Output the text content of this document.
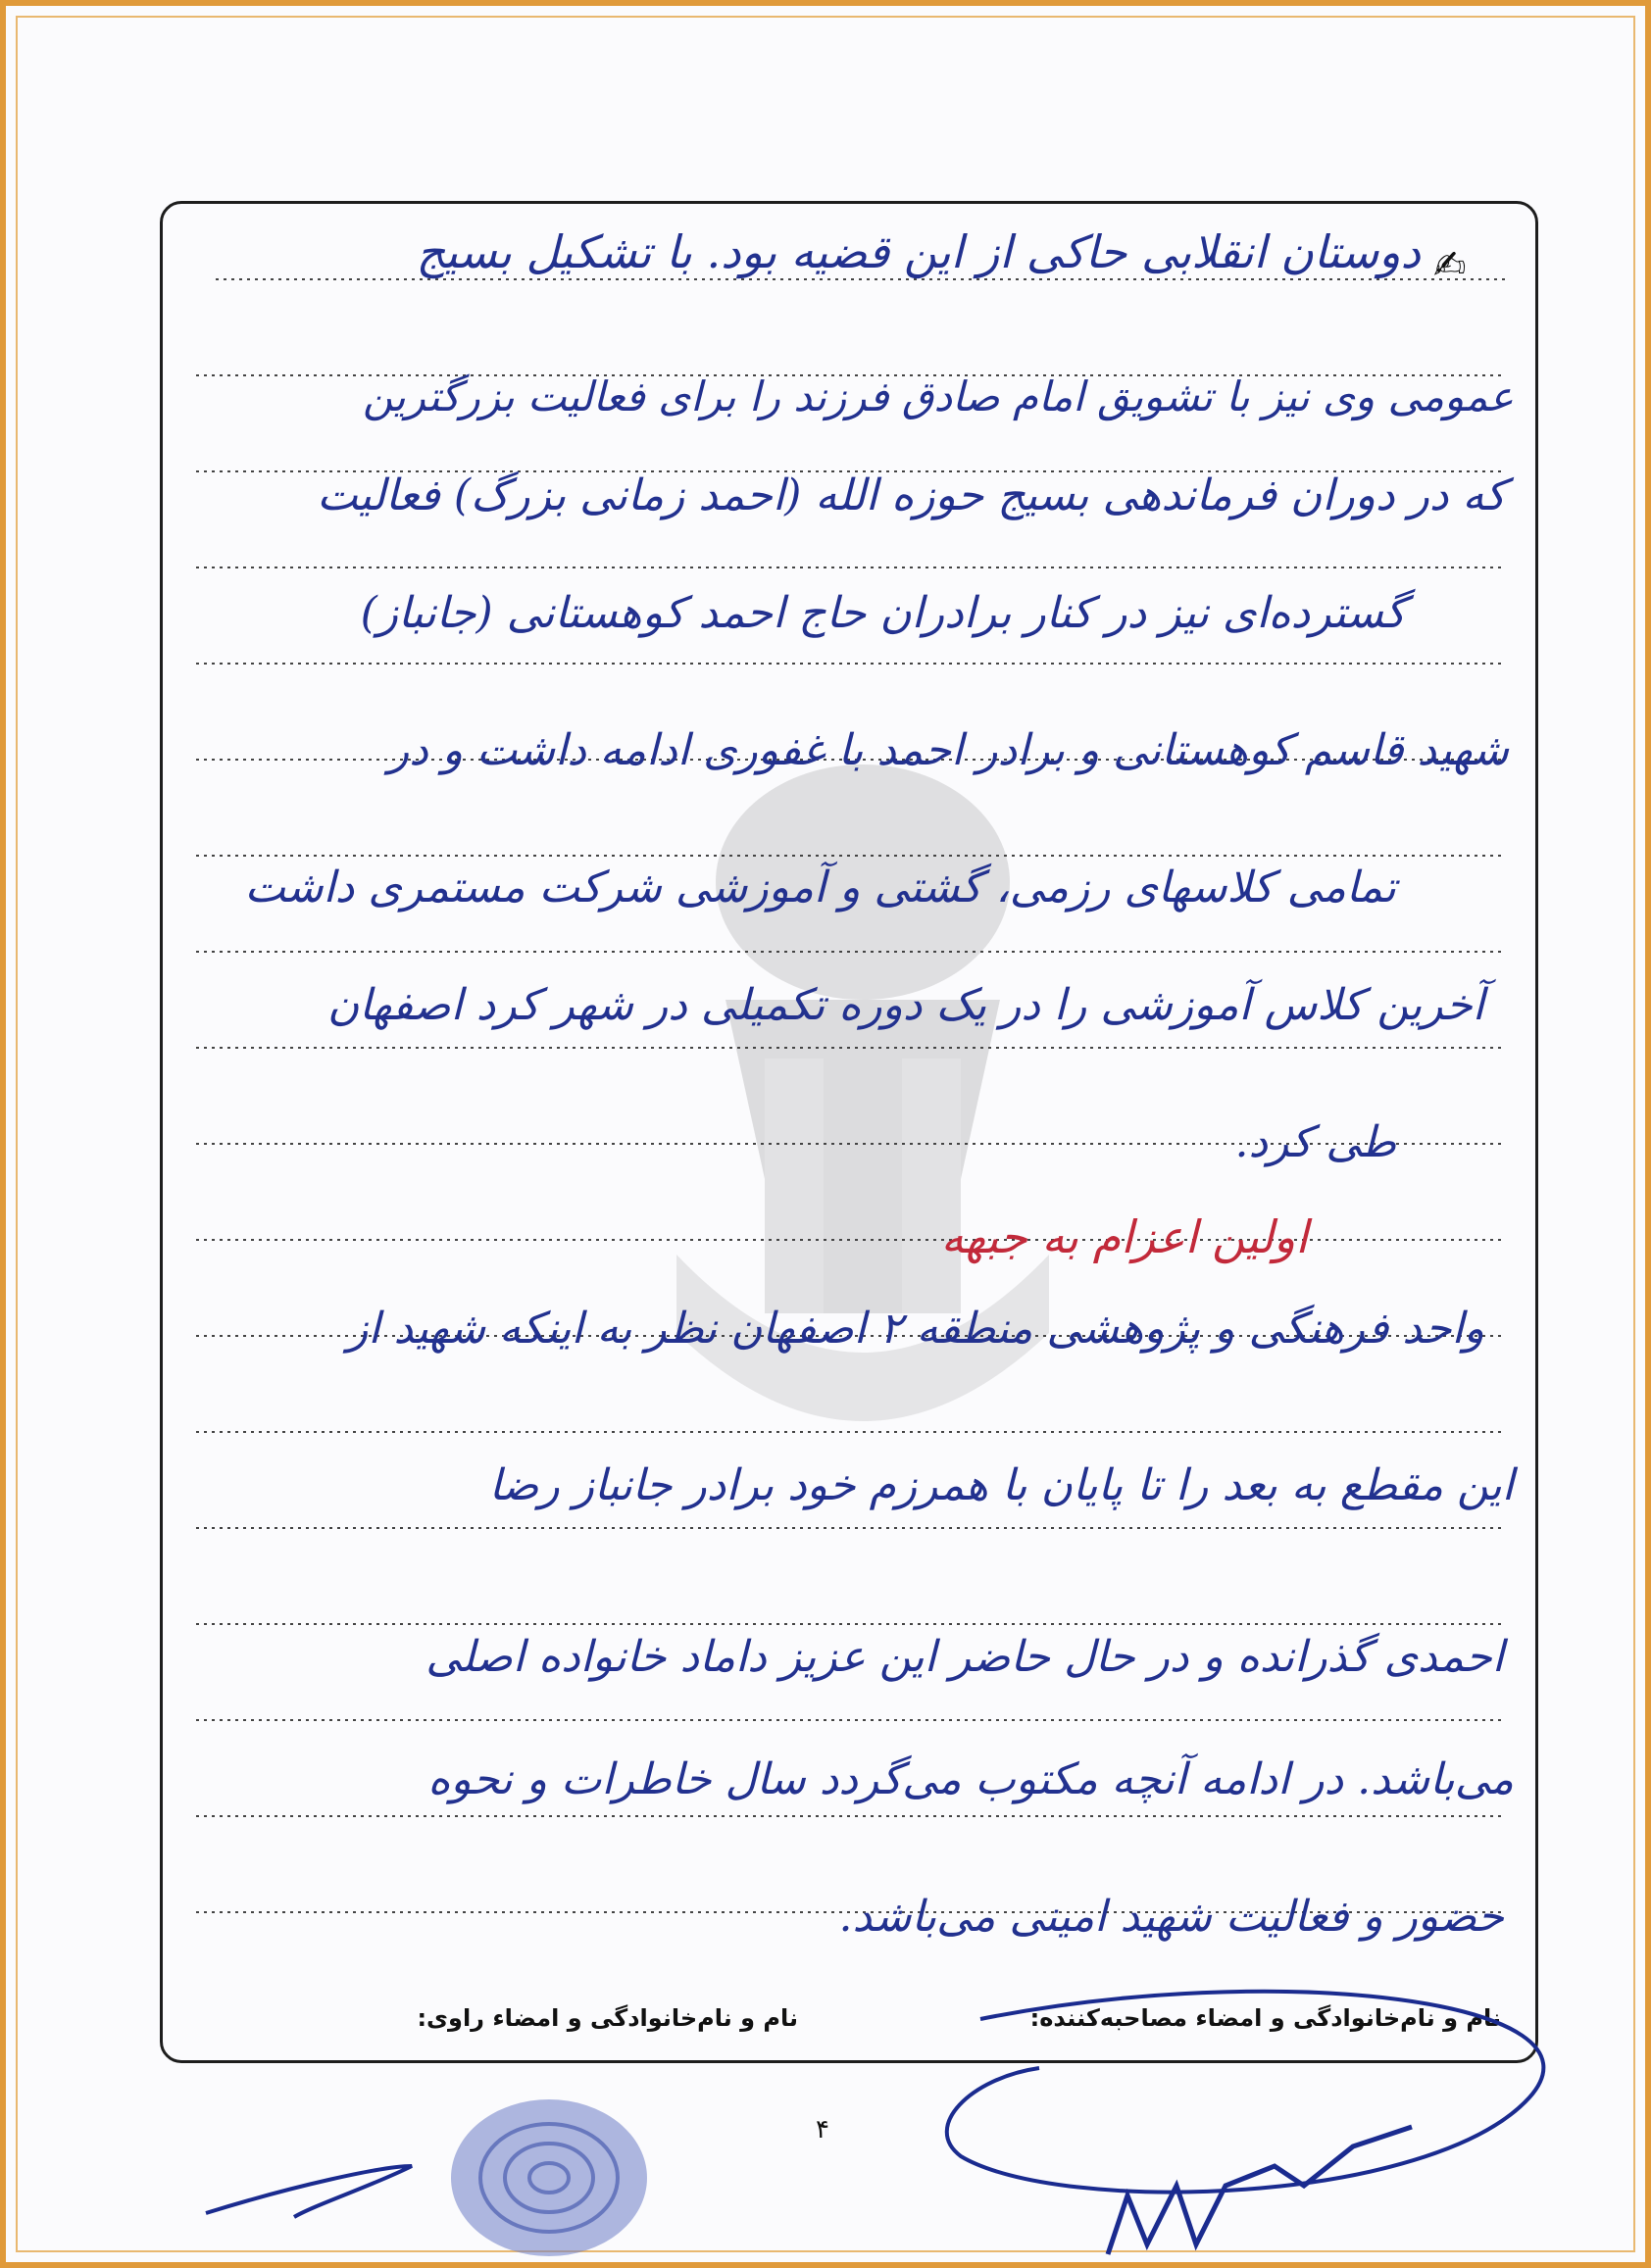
✍
دوستان انقلابی حاکی از این قضیه بود. با تشکیل بسیج
عمومی وی نیز با تشویق امام صادق فرزند را برای فعالیت بزرگترین
که در دوران فرماندهی بسیج حوزه الله (احمد زمانی بزرگ) فعالیت
گسترده‌ای نیز در کنار برادران حاج احمد کوهستانی (جانباز)
شهید قاسم کوهستانی و برادر احمد با غفوری ادامه داشت و در
تمامی کلاسهای رزمی، گشتی و آموزشی شرکت مستمری داشت
آخرین کلاس آموزشی را در یک دوره تکمیلی در شهر کرد اصفهان
طی کرد.
اولین اعزام به جبهه
واحد فرهنگی و پژوهشی منطقه ۲ اصفهان نظر به اینکه شهید از
این مقطع به بعد را تا پایان با همرزم خود برادر جانباز رضا
احمدی گذرانده و در حال حاضر این عزیز داماد خانواده اصلی
می‌باشد. در ادامه آنچه مکتوب می‌گردد سال خاطرات و نحوه
حضور و فعالیت شهید امینی می‌باشد.
نام و نام‌خانوادگی و امضاء مصاحبه‌کننده:
نام و نام‌خانوادگی و امضاء راوی:
۴
